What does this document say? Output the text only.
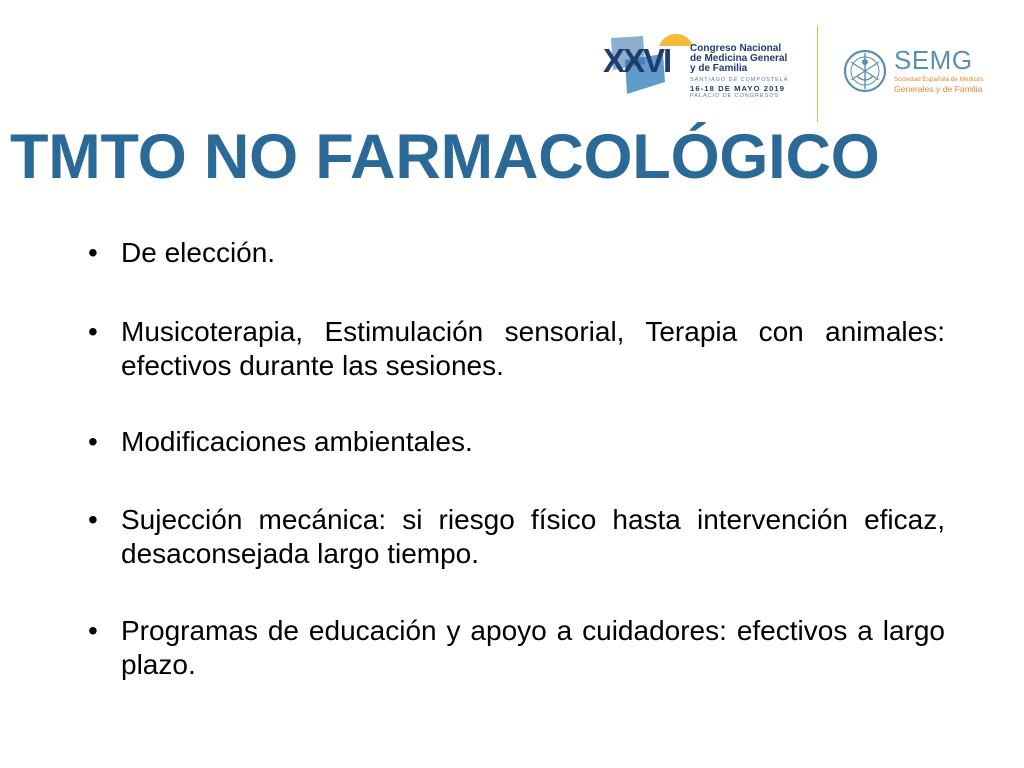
XXVI Congreso Nacional
de Medicina General
y de Familia
SANTIAGO DE COMPOSTELA
16-18 DE MAYO 2019
PALACIO DE CONGRESOS
SEMG
Sociedad Española de Médicos
Generales y de Familia
TMTO NO FARMACOLÓGICO
• De elección.
• Musicoterapia, Estimulación sensorial, Terapia con animales: efectivos durante las sesiones.
• Modificaciones ambientales.
• Sujección mecánica: si riesgo físico hasta intervención eficaz, desaconsejada largo tiempo.
• Programas de educación y apoyo a cuidadores: efectivos a largo plazo.
